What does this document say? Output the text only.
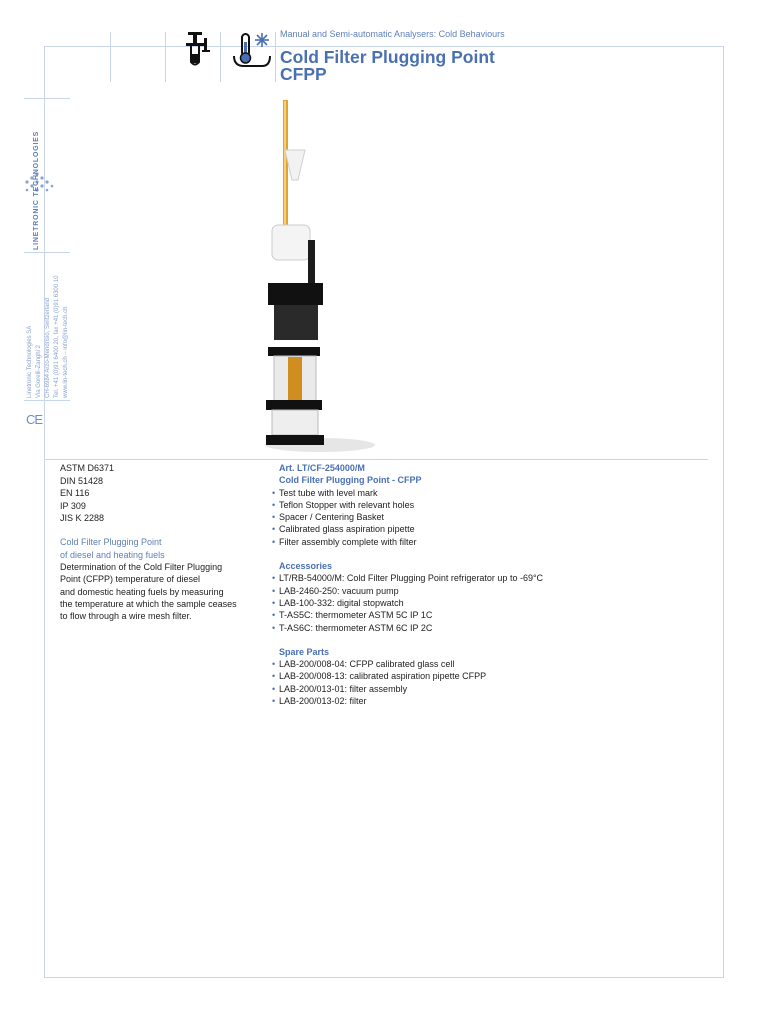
Manual and Semi-automatic Analysers: Cold Behaviours
Cold Filter Plugging Point
CFPP
LINETRONIC TECHNOLOGIES
Linetronic Technologies SA Via Gorelli-Zanghi 2 CH-6984 Arzo-Mendrisio, Switzerland Tel. +41 (0)91 6400 20, fax +41 (0)91 6300 10 www.lin-tech.ch – info@lin-tech.ch
CE
ASTM D6371
DIN 51428
EN 116
IP 309
JIS K 2288
Cold Filter Plugging Point
of diesel and heating fuels
Determination of the Cold Filter Plugging
Point (CFPP) temperature of diesel
and domestic heating fuels by measuring
the temperature at which the sample ceases
to flow through a wire mesh filter.
Art. LT/CF-254000/M
Cold Filter Plugging Point - CFPP
• Test tube with level mark
• Teflon Stopper with relevant holes
• Spacer / Centering Basket
• Calibrated glass aspiration pipette
• Filter assembly complete with filter
Accessories
• LT/RB-54000/M: Cold Filter Plugging Point refrigerator up to -69°C
• LAB-2460-250: vacuum pump
• LAB-100-332: digital stopwatch
• T-AS5C: thermometer ASTM 5C IP 1C
• T-AS6C: thermometer ASTM 6C IP 2C
Spare Parts
• LAB-200/008-04: CFPP calibrated glass cell
• LAB-200/008-13: calibrated aspiration pipette CFPP
• LAB-200/013-01: filter assembly
• LAB-200/013-02: filter
